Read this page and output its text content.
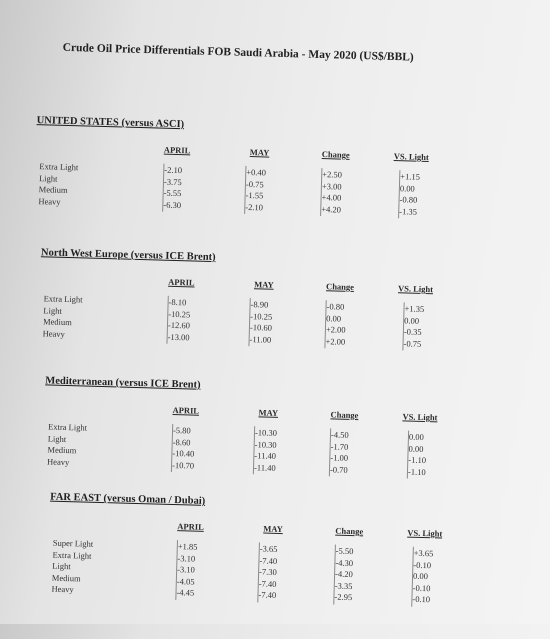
Crude Oil Price Differentials FOB Saudi Arabia - May 2020 (US$/BBL)
UNITED STATES (versus ASCI)
APRIL	MAY	Change	VS. Light
Extra Light	-2.10	+0.40	+2.50	+1.15
Light	-3.75	-0.75	+3.00	0.00
Medium	-5.55	-1.55	+4.00	-0.80
Heavy	-6.30	-2.10	+4.20	-1.35
North West Europe (versus ICE Brent)
APRIL	MAY	Change	VS. Light
Extra Light	-8.10	-8.90	-0.80	+1.35
Light	-10.25	-10.25	0.00	0.00
Medium	-12.60	-10.60	+2.00	-0.35
Heavy	-13.00	-11.00	+2.00	-0.75
Mediterranean (versus ICE Brent)
APRIL	MAY	Change	VS. Light
Extra Light	-5.80	-10.30	-4.50	0.00
Light	-8.60	-10.30	-1.70	0.00
Medium	-10.40	-11.40	-1.00	-1.10
Heavy	-10.70	-11.40	-0.70	-1.10
FAR EAST (versus Oman / Dubai)
APRIL	MAY	Change	VS. Light
Super Light	+1.85	-3.65	-5.50	+3.65
Extra Light	-3.10	-7.40	-4.30	-0.10
Light	-3.10	-7.30	-4.20	0.00
Medium	-4.05	-7.40	-3.35	-0.10
Heavy	-4.45	-7.40	-2.95	-0.10
